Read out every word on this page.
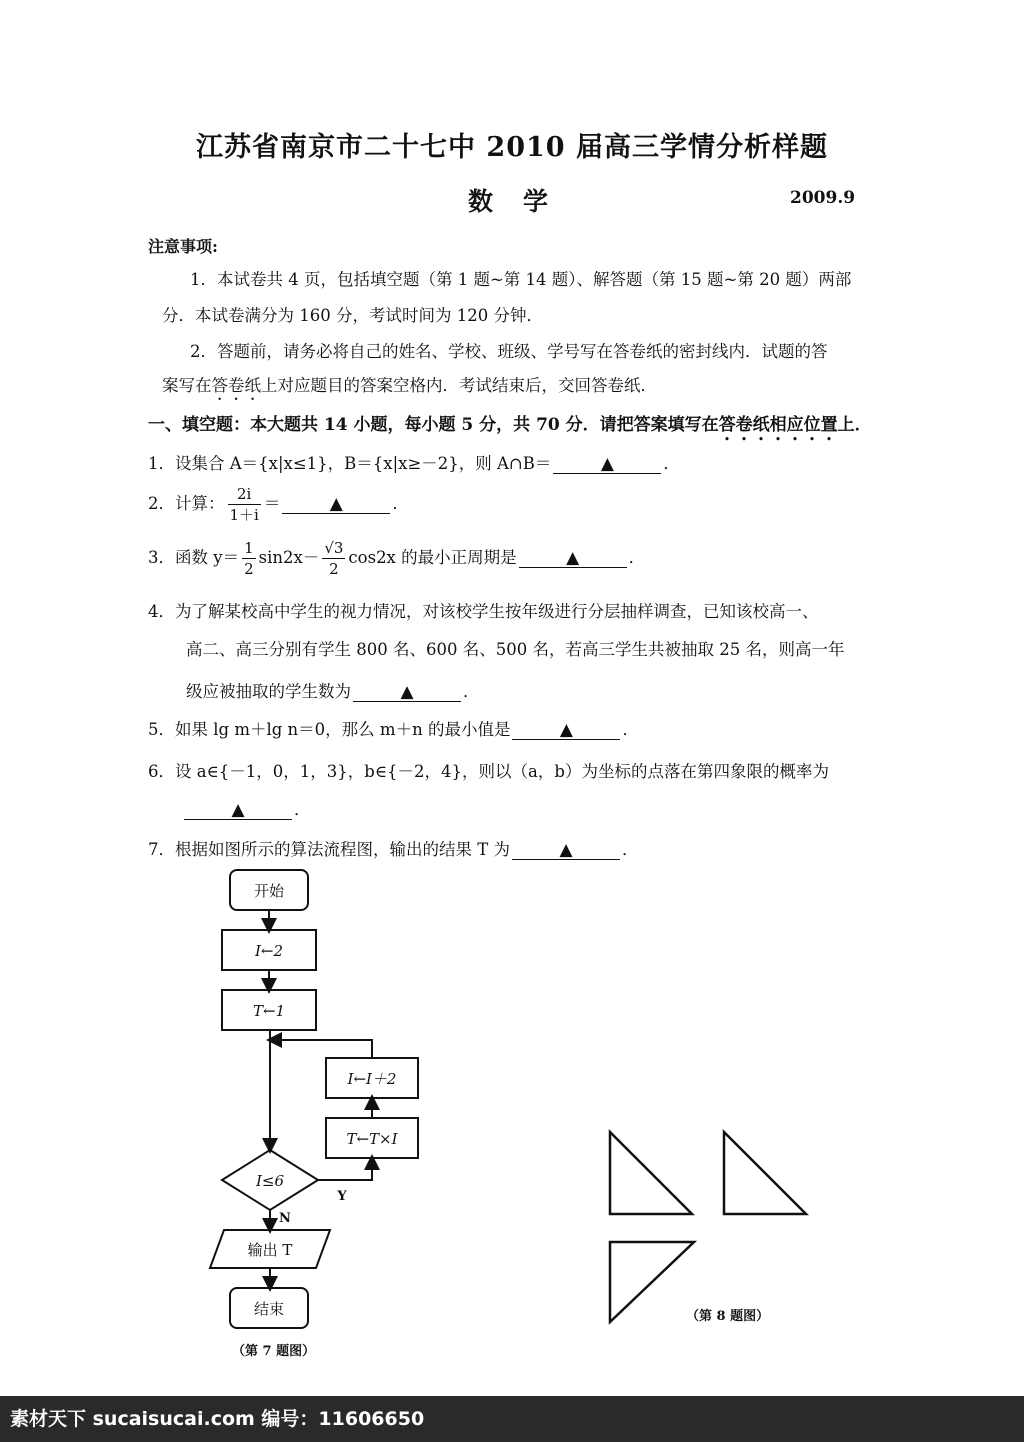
江苏省南京市二十七中 2010 届高三学情分析样题
数学	2009.9
注意事项:
1．本试卷共 4 页，包括填空题（第 1 题~第 14 题）、解答题（第 15 题~第 20 题）两部
分．本试卷满分为 160 分，考试时间为 120 分钟．
2．答题前，请务必将自己的姓名、学校、班级、学号写在答卷纸的密封线内．试题的答
案写在答卷纸上对应题目的答案空格内．考试结束后，交回答卷纸．
一、填空题：本大题共 14 小题，每小题 5 分，共 70 分．请把答案填写在答卷纸相应位置上．
1．设集合 A＝{x|x≤1}，B＝{x|x≥－2}，则 A∩B＝	▲	．
2．计算： $\frac{2i}{1+i}$ ＝	▲	．
3．函数 $y= \frac{1}{2} \sin 2x- \frac{√3}{2} \cos 2x$ 的最小正周期是	▲	．
4．为了解某校高中学生的视力情况，对该校学生按年级进行分层抽样调查，已知该校高一、
高二、高三分别有学生 800 名、600 名、500 名，若高三学生共被抽取 25 名，则高一年
级应被抽取的学生数为	▲	．
5．如果 lg m＋lg n＝0，那么 m＋n 的最小值是	▲	．
6．设 a∈{－1，0，1，3}，b∈{－2，4}，则以（a，b）为坐标的点落在第四象限的概率为
▲	．
7．根据如图所示的算法流程图，输出的结果 T 为	▲	．
开始
I←2
T←1
I←I＋2
T←T×I
I≤6
Y
N
输出 T
结束
（第 7 题图）
（第 8 题图）
素材天下 sucaisucai.com 编号：11606650
